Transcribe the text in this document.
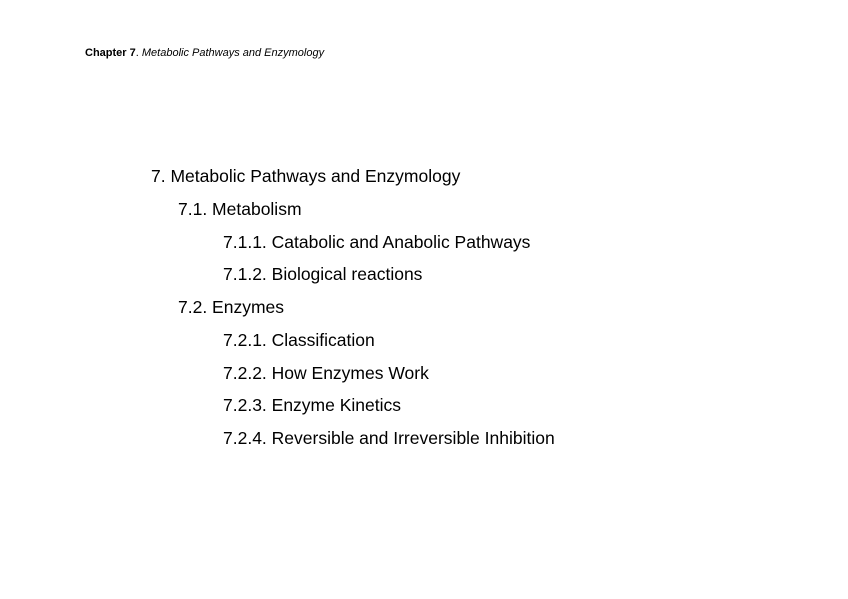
Chapter 7. Metabolic Pathways and Enzymology
7. Metabolic Pathways and Enzymology
7.1. Metabolism
7.1.1. Catabolic and Anabolic Pathways
7.1.2. Biological reactions
7.2. Enzymes
7.2.1. Classification
7.2.2. How Enzymes Work
7.2.3. Enzyme Kinetics
7.2.4. Reversible and Irreversible Inhibition
